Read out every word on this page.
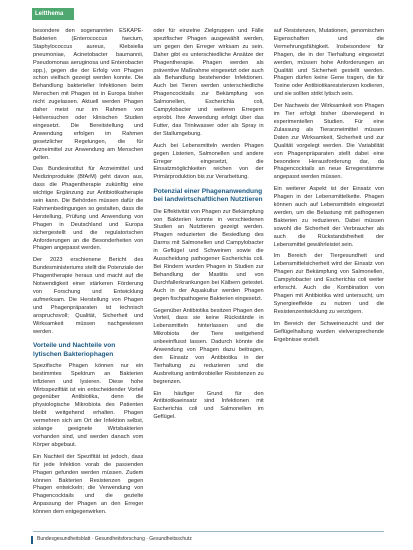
Leitthema

besondere den sogenannten ESKAPE-Bakterien (Enterococcus faecium, Staphylococcus aureus, Klebsiella pneumoniae, Acinetobacter baumannii, Pseudomonas aeruginosa und Enterobacter spp.), gegen die der Erfolg von Phagen schon vielfach gezeigt werden konnte. Die Behandlung bakterieller Infektionen beim Menschen mit Phagen ist in Europa bisher nicht zugelassen. Aktuell werden Phagen daher meist nur im Rahmen von Heilversuchen oder klinischen Studien eingesetzt. Die Bereitstellung und Anwendung erfolgen im Rahmen gesetzlicher Regelungen, die für Arzneimittel zur Anwendung am Menschen gelten.

Das Bundesinstitut für Arzneimittel und Medizinprodukte (BfArM) geht davon aus, dass die Phagentherapie zukünftig eine wichtige Ergänzung zur Antibiotikatherapie sein kann. Die Behörden müssen dafür die Rahmenbedingungen so gestalten, dass die Herstellung, Prüfung und Anwendung von Phagen in Deutschland und Europa sichergestellt und die regulatorischen Anforderungen an die Besonderheiten von Phagen angepasst werden.

Der 2023 erschienene Bericht des Bundesministeriums stellt die Potenziale der Phagentherapie heraus und macht auf die Notwendigkeit einer stärkeren Förderung von Forschung und Entwicklung aufmerksam. Die Herstellung von Phagen und Phagenpräparaten ist technisch anspruchsvoll; Qualität, Sicherheit und Wirksamkeit müssen nachgewiesen werden.

Vorteile und Nachteile von lytischen Bakteriophagen

Spezifische Phagen können nur ein bestimmtes Spektrum an Bakterien infizieren und lysieren. Diese hohe Wirtsspezifität ist ein entscheidender Vorteil gegenüber Antibiotika, denn die physiologische Mikrobiota des Patienten bleibt weitgehend erhalten. Phagen vermehren sich am Ort der Infektion selbst, solange geeignete Wirtsbakterien vorhanden sind, und werden danach vom Körper abgebaut.

Ein Nachteil der Spezifität ist jedoch, dass für jede Infektion vorab die passenden Phagen gefunden werden müssen. Zudem können Bakterien Resistenzen gegen Phagen entwickeln; die Verwendung von Phagencocktails und die gezielte Anpassung der Phagen an den Erreger können dem entgegenwirken.

oder für einzelne Zielgruppen und Fälle spezifischer Phagen ausgewählt werden, um gegen den Erreger wirksam zu sein. Daher gibt es unterschiedliche Ansätze der Phagentherapie. Phagen werden als präventive Maßnahme eingesetzt oder auch als Behandlung bestehender Infektionen. Auch bei Tieren werden unterschiedliche Phagencocktails zur Bekämpfung von Salmonellen, Escherichia coli, Campylobacter und weiteren Erregern erprobt. Ihre Anwendung erfolgt über das Futter, das Trinkwasser oder als Spray in der Stallumgebung.

Auch bei Lebensmitteln werden Phagen gegen Listerien, Salmonellen und andere Erreger eingesetzt, die Einsatzmöglichkeiten reichen von der Primärproduktion bis zur Verarbeitung.

Potenzial einer Phagenanwendung bei landwirtschaftlichen Nutztieren

Die Effektivität von Phagen zur Bekämpfung von Bakterien konnte in verschiedenen Studien an Nutztieren gezeigt werden. Phagen reduzierten die Besiedlung des Darms mit Salmonellen und Campylobacter in Geflügel und Schweinen sowie die Ausscheidung pathogener Escherichia coli. Bei Rindern wurden Phagen in Studien zur Behandlung der Mastitis und von Durchfallerkrankungen bei Kälbern getestet. Auch in der Aquakultur werden Phagen gegen fischpathogene Bakterien eingesetzt.

Gegenüber Antibiotika besitzen Phagen den Vorteil, dass sie keine Rückstände in Lebensmitteln hinterlassen und die Mikrobiota der Tiere weitgehend unbeeinflusst lassen. Dadurch könnte die Anwendung von Phagen dazu beitragen, den Einsatz von Antibiotika in der Tierhaltung zu reduzieren und die Ausbreitung antimikrobieller Resistenzen zu begrenzen.

Ein häufiger Grund für den Antibiotikaeinsatz sind Infektionen mit Escherichia coli und Salmonellen im Geflügel.

auf Resistenzen, Mutationen, genomischen Eigenschaften und die Vermehrungsfähigkeit. Insbesondere für Phagen, die in der Tierhaltung eingesetzt werden, müssen hohe Anforderungen an Qualität und Sicherheit gestellt werden. Phagen dürfen keine Gene tragen, die für Toxine oder Antibiotikaresistenzen kodieren, und sie sollten strikt lytisch sein.

Der Nachweis der Wirksamkeit von Phagen im Tier erfolgt bisher überwiegend in experimentellen Studien. Für eine Zulassung als Tierarzneimittel müssen Daten zur Wirksamkeit, Sicherheit und zur Qualität vorgelegt werden. Die Variabilität von Phagenpräparaten stellt dabei eine besondere Herausforderung dar, da Phagencocktails an neue Erregerstämme angepasst werden müssen.

Ein weiterer Aspekt ist der Einsatz von Phagen in der Lebensmittelkette. Phagen können auch auf Lebensmitteln eingesetzt werden, um die Belastung mit pathogenen Bakterien zu reduzieren. Dabei müssen sowohl die Sicherheit der Verbraucher als auch die Rückstandsfreiheit der Lebensmittel gewährleistet sein.

Im Bereich der Tiergesundheit und Lebensmittelsicherheit wird der Einsatz von Phagen zur Bekämpfung von Salmonellen, Campylobacter und Escherichia coli weiter erforscht. Auch die Kombination von Phagen mit Antibiotika wird untersucht, um Synergieeffekte zu nutzen und die Resistenzentwicklung zu verzögern.

Im Bereich der Schweinezucht und der Geflügelhaltung wurden vielversprechende Ergebnisse erzielt.

Bundesgesundheitsblatt · Gesundheitsforschung · Gesundheitsschutz
